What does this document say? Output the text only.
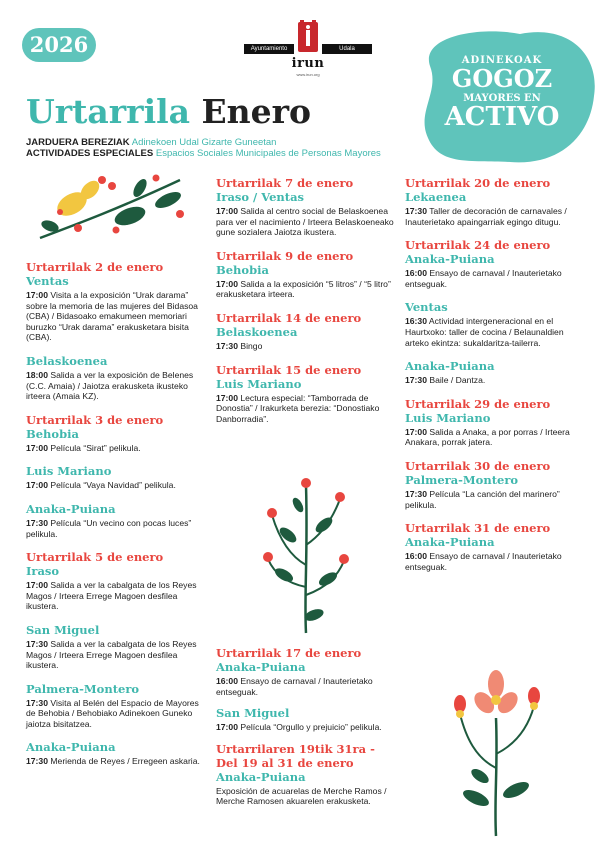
2026	Ayuntamiento	Udala
irun
www.irun.org
ADINEKOAK
GOGOZ
MAYORES EN
ACTIVO
Urtarrila Enero
JARDUERA BEREZIAK Adinekoen Udal Gizarte Guneetan
ACTIVIDADES ESPECIALES Espacios Sociales Municipales de Personas Mayores
Urtarrilak 2 de enero
Ventas
17:00 Visita a la exposición “Urak darama” sobre la memoria de las mujeres del Bidasoa (CBA) / Bidasoako emakumeen memoriari buruzko “Urak darama” erakusketara bisita (CBA).
Belaskoenea
18:00 Salida a ver la exposición de Belenes (C.C. Amaia) / Jaiotza erakusketa ikusteko irteera (Amaia KZ).
Urtarrilak 3 de enero
Behobia
17:00 Película “Sirat” pelikula.
Luis Mariano
17:00 Película “Vaya Navidad” pelikula.
Anaka-Puiana
17:30 Película “Un vecino con pocas luces” pelikula.
Urtarrilak 5 de enero
Iraso
17:00 Salida a ver la cabalgata de los Reyes Magos / Irteera Errege Magoen desfilea ikustera.
San Miguel
17:30 Salida a ver la cabalgata de los Reyes Magos / Irteera Errege Magoen desfilea ikustera.
Palmera-Montero
17:30 Visita al Belén del Espacio de Mayores de Behobia / Behobiako Adinekoen Guneko jaiotza bisitatzea.
Anaka-Puiana
17:30 Merienda de Reyes / Erregeen askaria.
Urtarrilak 7 de enero
Iraso / Ventas
17:00 Salida al centro social de Belaskoenea para ver el nacimiento / Irteera Belaskoeneako gune sozialera Jaiotza ikustera.
Urtarrilak 9 de enero
Behobia
17:00 Salida a la exposición “5 litros” / “5 litro” erakusketara irteera.
Urtarrilak 14 de enero
Belaskoenea
17:30 Bingo
Urtarrilak 15 de enero
Luis Mariano
17:00 Lectura especial: “Tamborrada de Donostia” / Irakurketa berezia: “Donostiako Danborradia”.
Urtarrilak 17 de enero
Anaka-Puiana
16:00 Ensayo de carnaval / Inauterietako entseguak.
San Miguel
17:00 Película “Orgullo y prejuicio” pelikula.
Urtarrilaren 19tik 31ra - Del 19 al 31 de enero
Anaka-Puiana
Exposición de acuarelas de Merche Ramos / Merche Ramosen akuarelen erakusketa.
Urtarrilak 20 de enero
Lekaenea
17:30 Taller de decoración de carnavales / Inauterietako apaingarriak egingo ditugu.
Urtarrilak 24 de enero
Anaka-Puiana
16:00 Ensayo de carnaval / Inauterietako entseguak.
Ventas
16:30 Actividad intergeneracional en el Haurtxoko: taller de cocina / Belaunaldien arteko ekintza: sukaldaritza-tailerra.
Anaka-Puiana
17:30 Baile / Dantza.
Urtarrilak 29 de enero
Luis Mariano
17:00 Salida a Anaka, a por porras / Irteera Anakara, porrak jatera.
Urtarrilak 30 de enero
Palmera-Montero
17:30 Película “La canción del marinero” pelikula.
Urtarrilak 31 de enero
Anaka-Puiana
16:00 Ensayo de carnaval / Inauterietako entseguak.
